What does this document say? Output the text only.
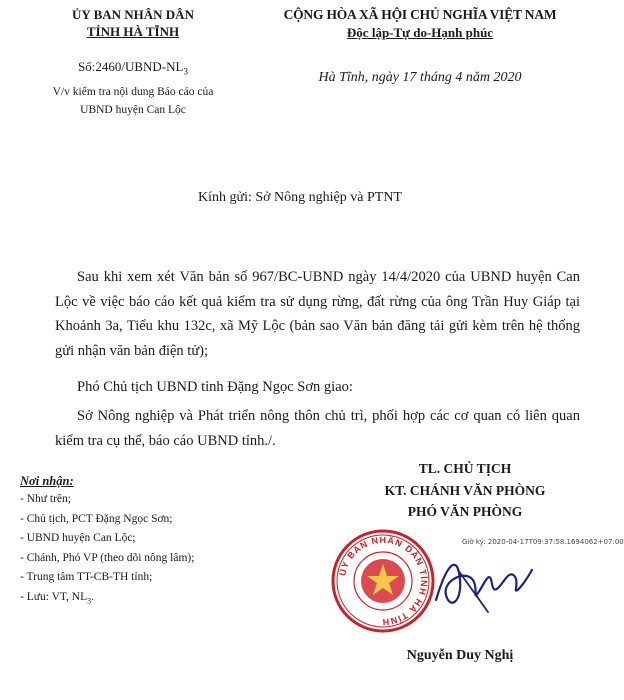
ỦY BAN NHÂN DÂN
TỈNH HÀ TĨNH
$Số:2460/UBND-NL_3$
V/v kiểm tra nội dung Báo cáo của
UBND huyện Can Lộc
CỘNG HÒA XÃ HỘI CHỦ NGHĨA VIỆT NAM
Độc lập-Tự do-Hạnh phúc
Hà Tĩnh, ngày 17 tháng 4 năm 2020
Kính gửi: Sở Nông nghiệp và PTNT
Sau khi xem xét Văn bản số 967/BC-UBND ngày 14/4/2020 của UBND huyện Can Lộc về việc báo cáo kết quả kiểm tra sử dụng rừng, đất rừng của ông Trần Huy Giáp tại Khoảnh 3a, Tiểu khu 132c, xã Mỹ Lộc (bản sao Văn bản đăng tải gửi kèm trên hệ thống gửi nhận văn bản điện tử);
Phó Chủ tịch UBND tỉnh Đặng Ngọc Sơn giao:
Sở Nông nghiệp và Phát triển nông thôn chủ trì, phối hợp các cơ quan có liên quan kiểm tra cụ thể, báo cáo UBND tỉnh./.
Nơi nhận:
- Như trên;
- Chủ tịch, PCT Đặng Ngọc Sơn;
- UBND huyện Can Lộc;
- Chánh, Phó VP (theo dõi nông lâm);
- Trung tâm TT-CB-TH tỉnh;
- Lưu: VT, $NL_3$.
TL. CHỦ TỊCH
KT. CHÁNH VĂN PHÒNG
PHÓ VĂN PHÒNG
Giờ ký: 2020-04-17T09:37:58.1694062+07:00
ỦY BAN NHÂN DÂN TỈNH HÀ TĨNH
Nguyễn Duy Nghị
